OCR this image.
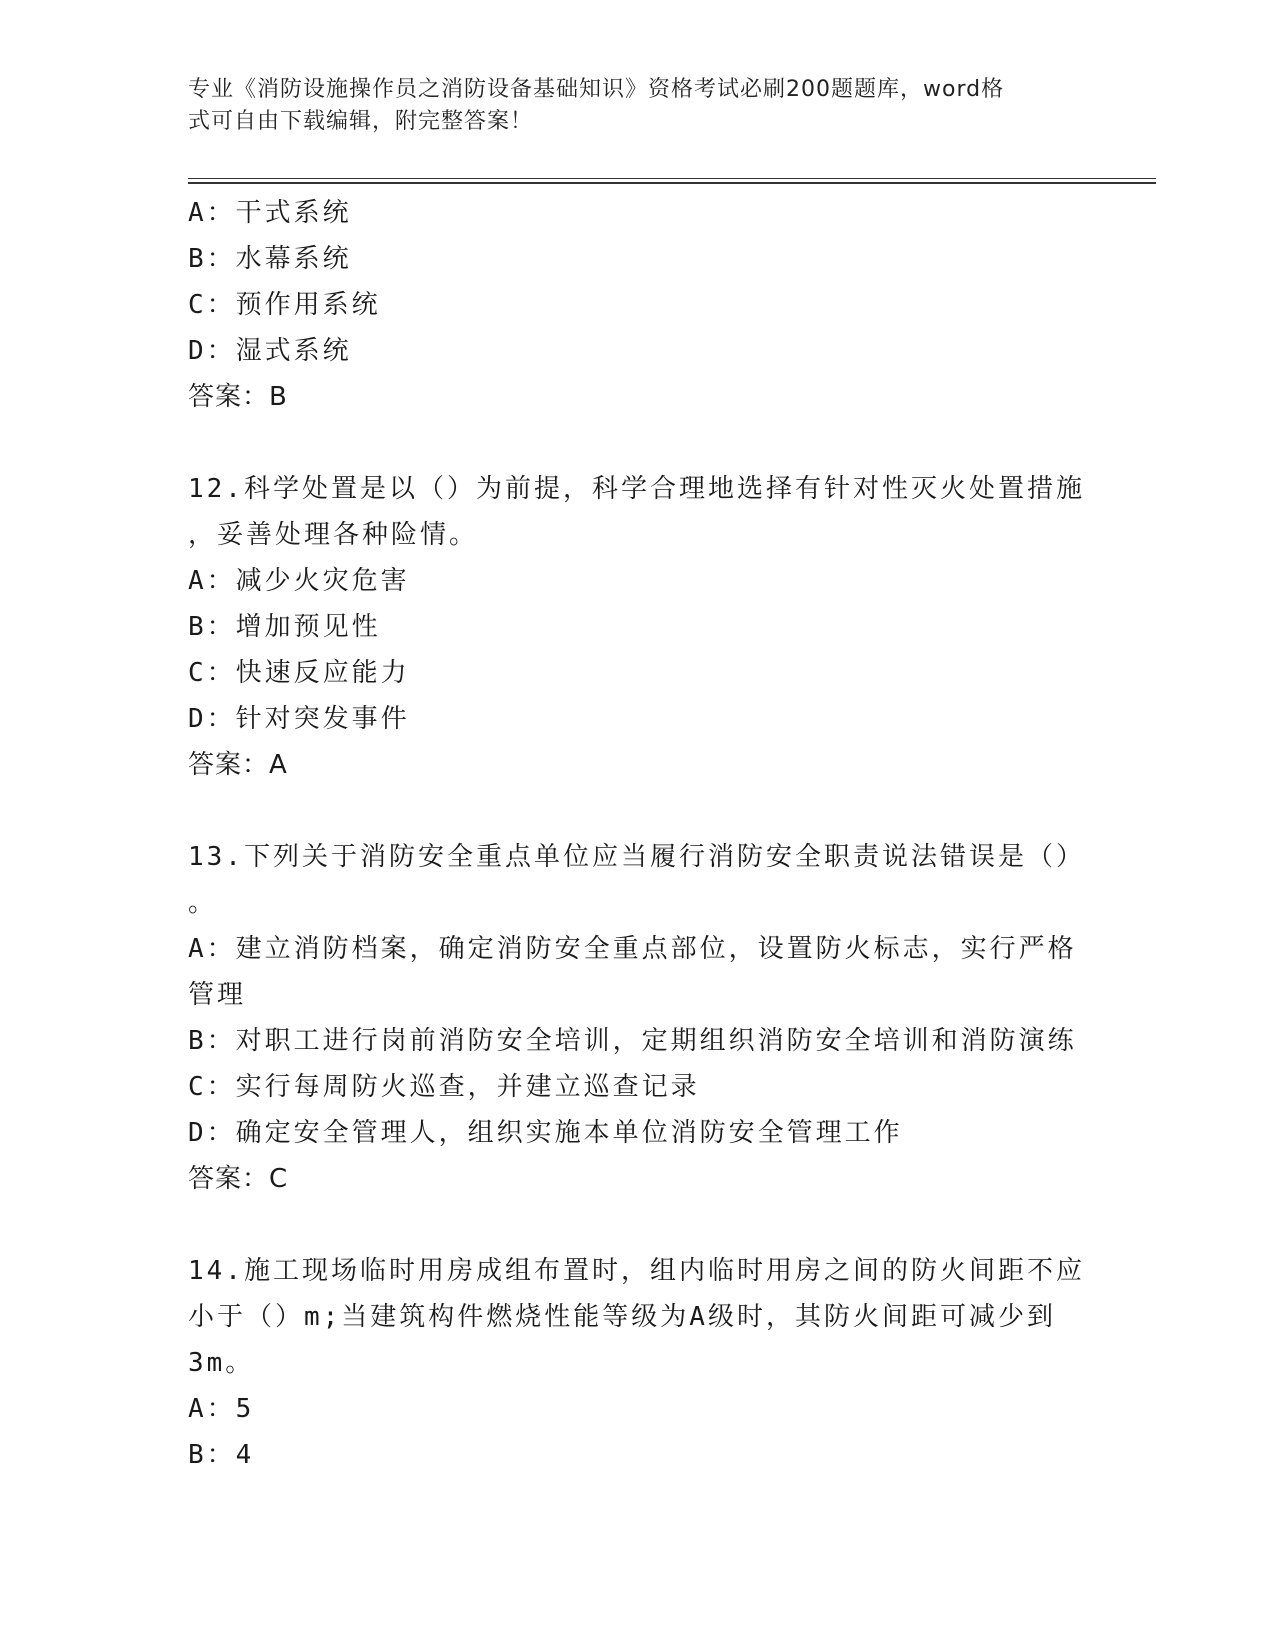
专业《消防设施操作员之消防设备基础知识》资格考试必刷200题题库，word格
式可自由下载编辑，附完整答案！
A：干式系统
B：水幕系统
C：预作用系统
D：湿式系统
答案：B
12.科学处置是以（）为前提，科学合理地选择有针对性灭火处置措施
，妥善处理各种险情。
A：减少火灾危害
B：增加预见性
C：快速反应能力
D：针对突发事件
答案：A
13.下列关于消防安全重点单位应当履行消防安全职责说法错误是（）
。
A：建立消防档案，确定消防安全重点部位，设置防火标志，实行严格
管理
B：对职工进行岗前消防安全培训，定期组织消防安全培训和消防演练
C：实行每周防火巡查，并建立巡查记录
D：确定安全管理人，组织实施本单位消防安全管理工作
答案：C
14.施工现场临时用房成组布置时，组内临时用房之间的防火间距不应
小于（）m;当建筑构件燃烧性能等级为A级时，其防火间距可减少到
3m。
A：5
B：4
